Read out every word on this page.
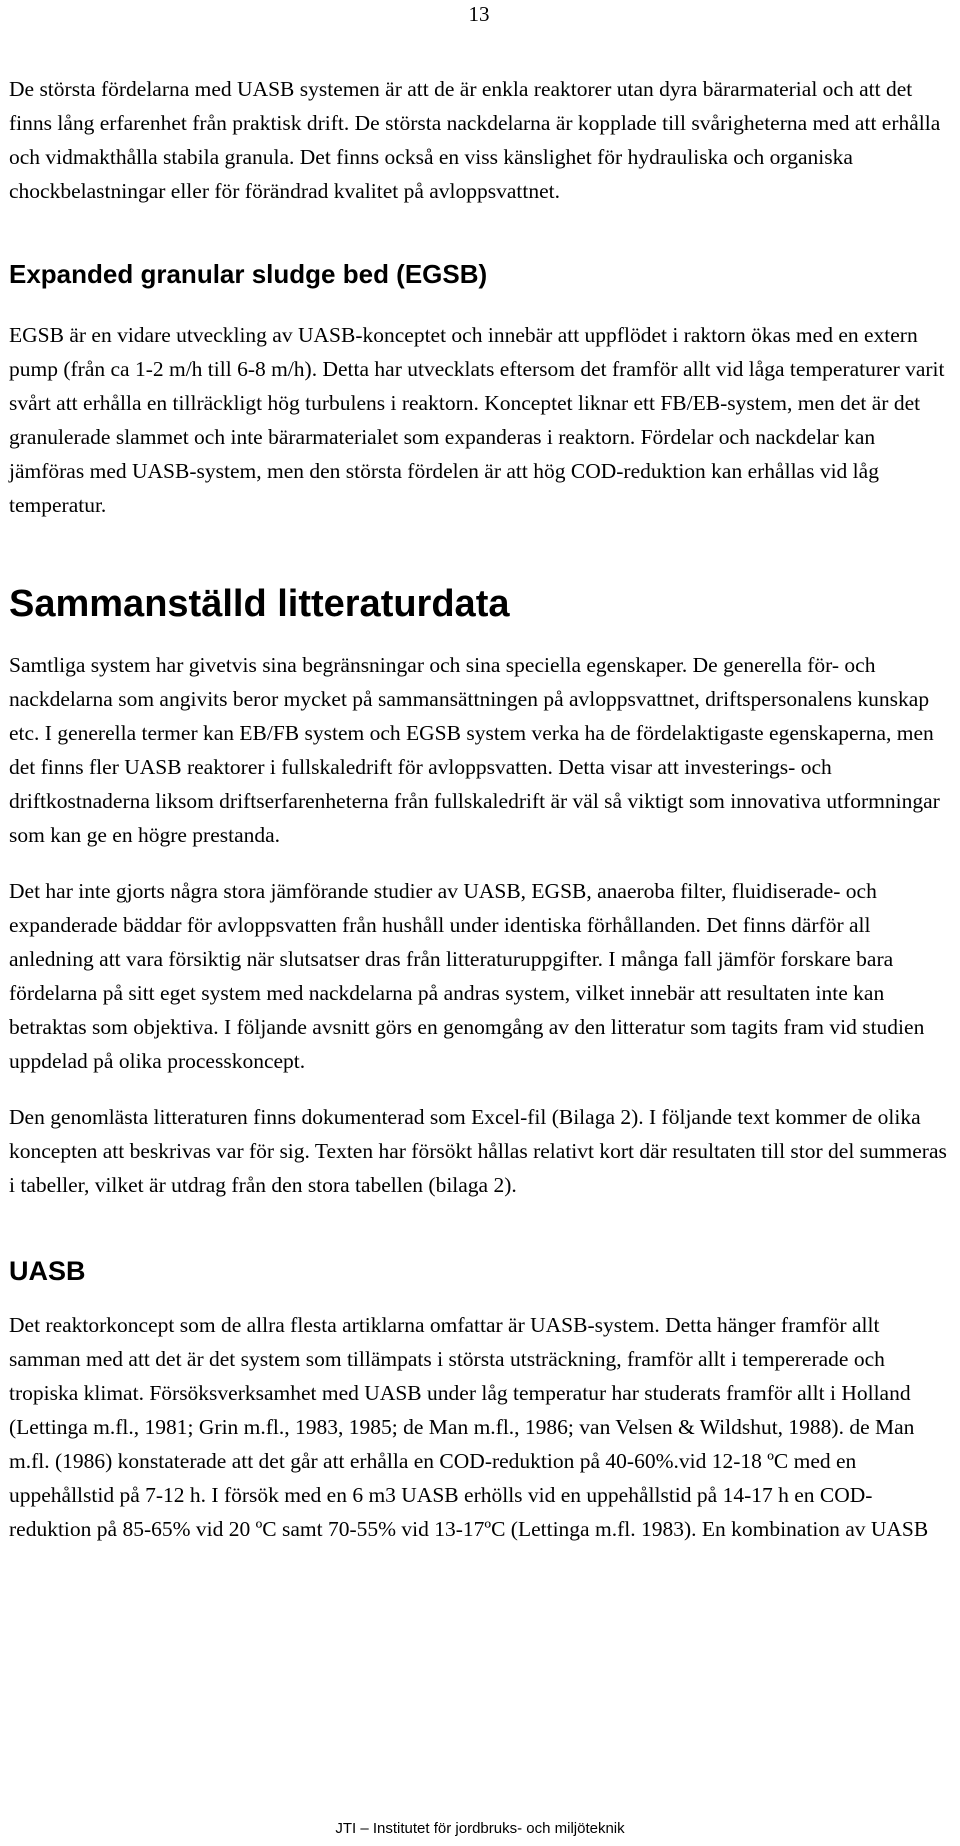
13

De största fördelarna med UASB systemen är att de är enkla reaktorer utan dyra bärarmaterial och att det finns lång erfarenhet från praktisk drift. De största nackdelarna är kopplade till svårigheterna med att erhålla och vidmakthålla stabila granula. Det finns också en viss känslighet för hydrauliska och organiska chockbelastningar eller för förändrad kvalitet på avloppsvattnet.

Expanded granular sludge bed (EGSB)

EGSB är en vidare utveckling av UASB-konceptet och innebär att uppflödet i raktorn ökas med en extern pump (från ca 1-2 m/h till 6-8 m/h). Detta har utvecklats eftersom det framför allt vid låga temperaturer varit svårt att erhålla en tillräckligt hög turbulens i reaktorn. Konceptet liknar ett FB/EB-system, men det är det granulerade slammet och inte bärarmaterialet som expanderas i reaktorn. Fördelar och nackdelar kan jämföras med UASB-system, men den största fördelen är att hög COD-reduktion kan erhållas vid låg temperatur.

Sammanställd litteraturdata

Samtliga system har givetvis sina begränsningar och sina speciella egenskaper. De generella för- och nackdelarna som angivits beror mycket på sammansättningen på avloppsvattnet, driftspersonalens kunskap etc. I generella termer kan EB/FB system och EGSB system verka ha de fördelaktigaste egenskaperna, men det finns fler UASB reaktorer i fullskaledrift för avloppsvatten. Detta visar att investerings- och driftkostnaderna liksom driftserfarenheterna från fullskaledrift är väl så viktigt som innovativa utformningar som kan ge en högre prestanda.

Det har inte gjorts några stora jämförande studier av UASB, EGSB, anaeroba filter, fluidiserade- och expanderade bäddar för avloppsvatten från hushåll under identiska förhållanden. Det finns därför all anledning att vara försiktig när slutsatser dras från litteraturuppgifter. I många fall jämför forskare bara fördelarna på sitt eget system med nackdelarna på andras system, vilket innebär att resultaten inte kan betraktas som objektiva. I följande avsnitt görs en genomgång av den litteratur som tagits fram vid studien uppdelad på olika processkoncept.

Den genomlästa litteraturen finns dokumenterad som Excel-fil (Bilaga 2). I följande text kommer de olika koncepten att beskrivas var för sig. Texten har försökt hållas relativt kort där resultaten till stor del summeras i tabeller, vilket är utdrag från den stora tabellen (bilaga 2).

UASB

Det reaktorkoncept som de allra flesta artiklarna omfattar är UASB-system. Detta hänger framför allt samman med att det är det system som tillämpats i största utsträckning, framför allt i tempererade och tropiska klimat. Försöksverksamhet med UASB under låg temperatur har studerats framför allt i Holland (Lettinga m.fl., 1981; Grin m.fl., 1983, 1985; de Man m.fl., 1986; van Velsen & Wildshut, 1988). de Man m.fl. (1986) konstaterade att det går att erhålla en COD-reduktion på 40-60%.vid 12-18 ºC med en uppehållstid på 7-12 h. I försök med en 6 m3 UASB erhölls vid en uppehållstid på 14-17 h en COD-reduktion på 85-65% vid 20 ºC samt 70-55% vid 13-17ºC (Lettinga m.fl. 1983). En kombination av UASB

JTI – Institutet för jordbruks- och miljöteknik
